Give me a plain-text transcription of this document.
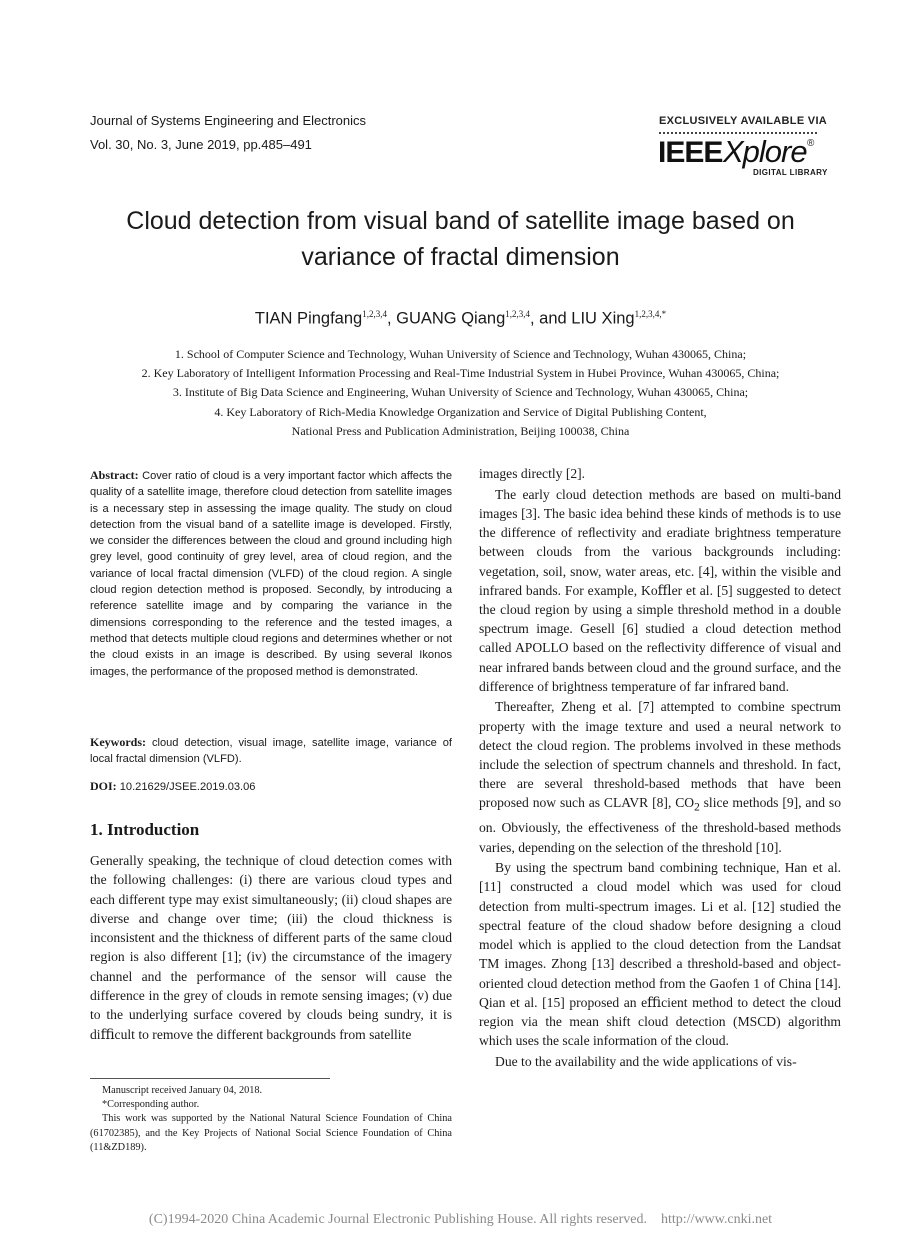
Journal of Systems Engineering and Electronics
Vol. 30, No. 3, June 2019, pp.485–491
EXCLUSIVELY AVAILABLE VIA
IEEE Xplore ®
DIGITAL LIBRARY
Cloud detection from visual band of satellite image based on
variance of fractal dimension
TIAN Pingfang$^{1,2,3,4}$, GUANG Qiang$^{1,2,3,4}$, and LIU Xing$^{1,2,3,4,*}$
1. School of Computer Science and Technology, Wuhan University of Science and Technology, Wuhan 430065, China;
2. Key Laboratory of Intelligent Information Processing and Real-Time Industrial System in Hubei Province, Wuhan 430065, China;
3. Institute of Big Data Science and Engineering, Wuhan University of Science and Technology, Wuhan 430065, China;
4. Key Laboratory of Rich-Media Knowledge Organization and Service of Digital Publishing Content,
National Press and Publication Administration, Beijing 100038, China
Abstract: Cover ratio of cloud is a very important factor which affects the quality of a satellite image, therefore cloud detection from satellite images is a necessary step in assessing the image quality. The study on cloud detection from the visual band of a satellite image is developed. Firstly, we consider the differences between the cloud and ground including high grey level, good continuity of grey level, area of cloud region, and the variance of local fractal dimension (VLFD) of the cloud region. A single cloud region detection method is proposed. Secondly, by introducing a reference satellite image and by comparing the variance in the dimensions corresponding to the reference and the tested images, a method that detects multiple cloud regions and determines whether or not the cloud exists in an image is described. By using several Ikonos images, the performance of the proposed method is demonstrated.
Keywords: cloud detection, visual image, satellite image, variance of local fractal dimension (VLFD).
DOI: 10.21629/JSEE.2019.03.06
1. Introduction
Generally speaking, the technique of cloud detection comes with the following challenges: (i) there are various cloud types and each different type may exist simultaneously; (ii) cloud shapes are diverse and change over time; (iii) the cloud thickness is inconsistent and the thickness of different parts of the same cloud region is also different [1]; (iv) the circumstance of the imagery channel and the performance of the sensor will cause the difference in the grey of clouds in remote sensing images; (v) due to the underlying surface covered by clouds being sundry, it is diﬃcult to remove the different backgrounds from satellite
Manuscript received January 04, 2018.
*Corresponding author.
This work was supported by the National Natural Science Foundation of China (61702385), and the Key Projects of National Social Science Foundation of China (11&ZD189).

images directly [2].

The early cloud detection methods are based on multi-band images [3]. The basic idea behind these kinds of methods is to use the difference of reﬂectivity and eradiate brightness temperature between clouds from the various backgrounds including: vegetation, soil, snow, water areas, etc. [4], within the visible and infrared bands. For example, Koﬄer et al. [5] suggested to detect the cloud region by using a simple threshold method in a double spectrum image. Gesell [6] studied a cloud detection method called APOLLO based on the reﬂectivity difference of visual and near infrared bands between cloud and the ground surface, and the difference of brightness temperature of far infrared band.

Thereafter, Zheng et al. [7] attempted to combine spectrum property with the image texture and used a neural network to detect the cloud region. The problems involved in these methods include the selection of spectrum channels and threshold. In fact, there are several threshold-based methods that have been proposed now such as CLAVR [8], $CO_2$ slice methods [9], and so on. Obviously, the effectiveness of the threshold-based methods varies, depending on the selection of the threshold [10].

By using the spectrum band combining technique, Han et al. [11] constructed a cloud model which was used for cloud detection from multi-spectrum images. Li et al. [12] studied the spectral feature of the cloud shadow before designing a cloud model which is applied to the cloud detection from the Landsat TM images. Zhong [13] described a threshold-based and object-oriented cloud detection method from the Gaofen 1 of China [14]. Qian et al. [15] proposed an eﬃcient method to detect the cloud region via the mean shift cloud detection (MSCD) algorithm which uses the scale information of the cloud.

Due to the availability and the wide applications of vis-

(C)1994-2020 China Academic Journal Electronic Publishing House. All rights reserved.    http://www.cnki.net
